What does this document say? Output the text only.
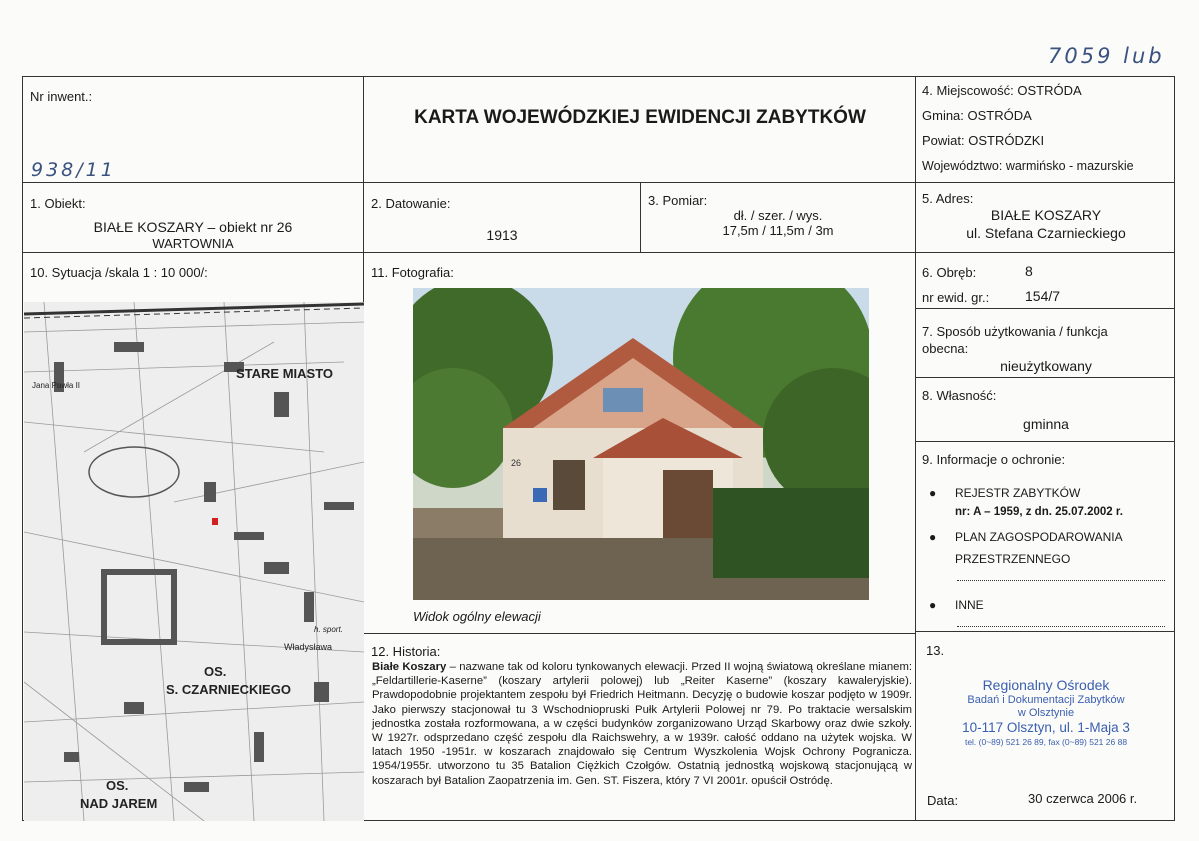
7059 lub
Nr inwent.:
938/11
KARTA WOJEWÓDZKIEJ EWIDENCJI ZABYTKÓW
4. Miejscowość: OSTRÓDA
Gmina: OSTRÓDA
Powiat: OSTRÓDZKI
Województwo: warmińsko - mazurskie
1. Obiekt:
BIAŁE KOSZARY – obiekt nr 26
WARTOWNIA
2. Datowanie:
1913
3. Pomiar:
dł. / szer. / wys.
17,5m / 11,5m / 3m
5. Adres:
BIAŁE KOSZARY
ul. Stefana Czarnieckiego
10. Sytuacja /skala 1 : 10 000/:
STARE MIASTO
Władysława
Jana Pawła II
h. sport.
OS.
S. CZARNIECKIEGO
OS.
NAD JAREM
11. Fotografia:
26
Widok ogólny elewacji
6. Obręb:	8
nr ewid. gr.:	154/7
7. Sposób użytkowania / funkcja
obecna:
nieużytkowany
8. Własność:
gminna
9. Informacje o ochronie:
● REJESTR ZABYTKÓW
nr: A – 1959, z dn. 25.07.2002 r.
● PLAN ZAGOSPODAROWANIA
PRZESTRZENNEGO
● INNE
12. Historia:
Białe Koszary – nazwane tak od koloru tynkowanych elewacji. Przed II wojną światową określane mianem: „Feldartillerie-Kaserne” (koszary artylerii polowej) lub „Reiter Kaserne” (koszary kawaleryjskie). Prawdopodobnie projektantem zespołu był Friedrich Heitmann. Decyzję o budowie koszar podjęto w 1909r. Jako pierwszy stacjonował tu 3 Wschodniopruski Pułk Artylerii Polowej nr 79. Po traktacie wersalskim jednostka została rozformowana, a w części budynków zorganizowano Urząd Skarbowy oraz dwie szkoły. W 1927r. odsprzedano część zespołu dla Raichswehry, a w 1939r. całość oddano na użytek wojska. W latach 1950 -1951r. w koszarach znajdowało się Centrum Wyszkolenia Wojsk Ochrony Pogranicza. 1954/1955r. utworzono tu 35 Batalion Ciężkich Czołgów. Ostatnią jednostką wojskową stacjonującą w koszarach był Batalion Zaopatrzenia im. Gen. ST. Fiszera, który 7 VI 2001r. opuścił Ostródę.
13.
Regionalny Ośrodek
Badań i Dokumentacji Zabytków
w Olsztynie
10-117 Olsztyn, ul. 1-Maja 3
tel. (0~89) 521 26 89, fax (0~89) 521 26 88
Data:	30 czerwca 2006 r.
